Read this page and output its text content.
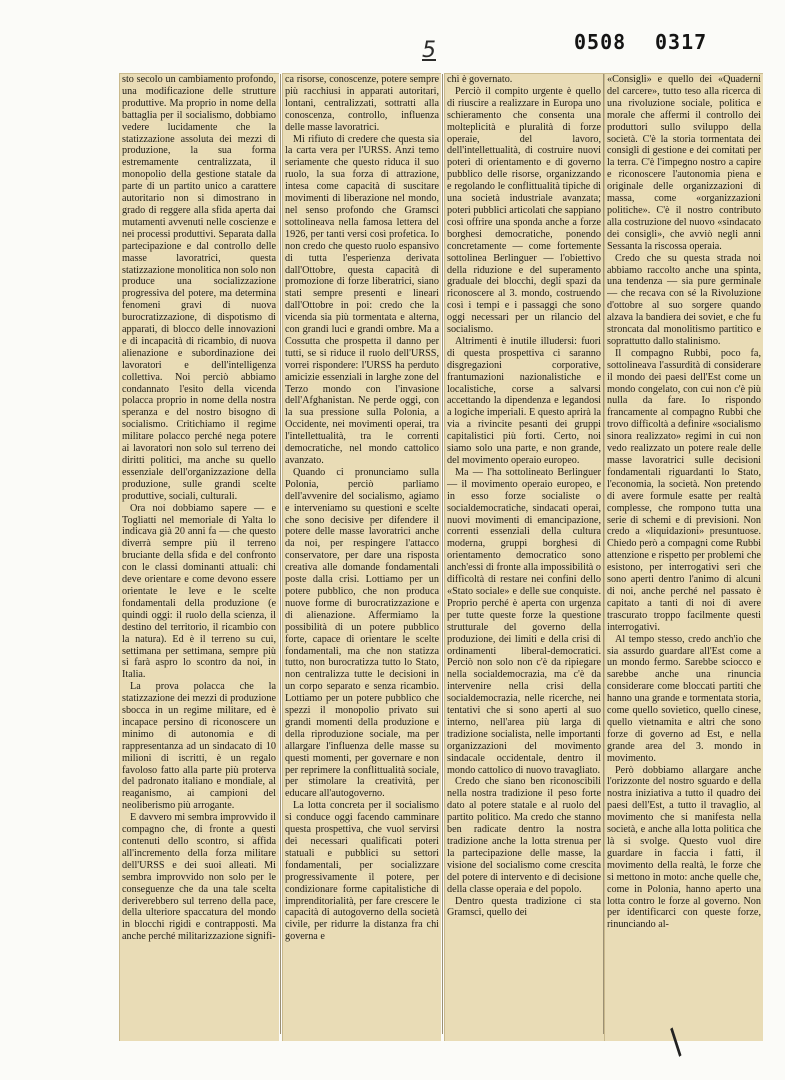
5	0508 0317

sto secolo un cambiamento profondo, una modificazione delle strutture produttive. Ma proprio in nome della battaglia per il socialismo, dobbiamo vedere lucidamente che la statizzazione assoluta dei mezzi di produzione, la sua forma estremamente centralizzata, il monopolio della gestione statale da parte di un partito unico a carattere autoritario non si dimostrano in grado di reggere alla sfida aperta dai mutamenti avvenuti nelle coscienze e nei processi produttivi. Separata dalla partecipazione e dal controllo delle masse lavoratrici, questa statizzazione monolitica non solo non produce una socializzazione progressiva del potere, ma determina fenomeni gravi di nuova burocratizzazione, di dispotismo di apparati, di blocco delle innovazioni e di incapacità di ricambio, di nuova alienazione e subordinazione dei lavoratori e dell'intelligenza collettiva. Noi perciò abbiamo condannato l'esito della vicenda polacca proprio in nome della nostra speranza e del nostro bisogno di socialismo. Critichiamo il regime militare polacco perché nega potere ai lavoratori non solo sul terreno dei diritti politici, ma anche su quello essenziale dell'organizzazione della produzione, sulle grandi scelte produttive, sociali, culturali.

Ora noi dobbiamo sapere — e Togliatti nel memoriale di Yalta lo indicava già 20 anni fa — che questo diverrà sempre più il terreno bruciante della sfida e del confronto con le classi dominanti attuali: chi deve orientare e come devono essere orientate le leve e le scelte fondamentali della produzione (e quindi oggi: il ruolo della scienza, il destino del territorio, il ricambio con la natura). Ed è il terreno su cui, settimana per settimana, sempre più si farà aspro lo scontro da noi, in Italia.

La prova polacca che la statizzazione dei mezzi di produzione sbocca in un regime militare, ed è incapace persino di riconoscere un minimo di autonomia e di rappresentanza ad un sindacato di 10 milioni di iscritti, è un regalo favoloso fatto alla parte più proterva del padronato italiano e mondiale, al reaganismo, ai campioni del neoliberismo più arrogante.

E davvero mi sembra improvvido il compagno che, di fronte a questi contenuti dello scontro, si affida all'incremento della forza militare dell'URSS e dei suoi alleati. Mi sembra improvvido non solo per le conseguenze che da una tale scelta deriverebbero sul terreno della pace, della ulteriore spaccatura del mondo in blocchi rigidi e contrapposti. Ma anche perché militarizzazione signifi-

ca risorse, conoscenze, potere sempre più racchiusi in apparati autoritari, lontani, centralizzati, sottratti alla conoscenza, controllo, influenza delle masse lavoratrici.

Mi rifiuto di credere che questa sia la carta vera per l'URSS. Anzi temo seriamente che questo riduca il suo ruolo, la sua forza di attrazione, intesa come capacità di suscitare movimenti di liberazione nel mondo, nel senso profondo che Gramsci sottolineava nella famosa lettera del 1926, per tanti versi così profetica. Io non credo che questo ruolo espansivo di tutta l'esperienza derivata dall'Ottobre, questa capacità di promozione di forze liberatrici, siano stati sempre presenti e lineari dall'Ottobre in poi: credo che la vicenda sia più tormentata e alterna, con grandi luci e grandi ombre. Ma a Cossutta che prospetta il danno per tutti, se si riduce il ruolo dell'URSS, vorrei rispondere: l'URSS ha perduto amicizie essenziali in larghe zone del Terzo mondo con l'invasione dell'Afghanistan. Ne perde oggi, con la sua pressione sulla Polonia, a Occidente, nei movimenti operai, tra l'intellettualità, tra le correnti democratiche, nel mondo cattolico avanzato.

Quando ci pronunciamo sulla Polonia, perciò parliamo dell'avvenire del socialismo, agiamo e interveniamo su questioni e scelte che sono decisive per difendere il potere delle masse lavoratrici anche da noi, per respingere l'attacco conservatore, per dare una risposta creativa alle domande fondamentali poste dalla crisi. Lottiamo per un potere pubblico, che non produca nuove forme di burocratizzazione e di alienazione. Affermiamo la possibilità di un potere pubblico forte, capace di orientare le scelte fondamentali, ma che non statizza tutto, non burocratizza tutto lo Stato, non centralizza tutte le decisioni in un corpo separato e senza ricambio. Lottiamo per un potere pubblico che spezzi il monopolio privato sui grandi momenti della produzione e della riproduzione sociale, ma per allargare l'influenza delle masse su questi momenti, per governare e non per reprimere la conflittualità sociale, per stimolare la creatività, per educare all'autogoverno.

La lotta concreta per il socialismo si conduce oggi facendo camminare questa prospettiva, che vuol servirsi dei necessari qualificati poteri statuali e pubblici su settori fondamentali, per socializzare progressivamente il potere, per condizionare forme capitalistiche di imprenditorialità, per fare crescere le capacità di autogoverno della società civile, per ridurre la distanza fra chi governa e

chi è governato.

Perciò il compito urgente è quello di riuscire a realizzare in Europa uno schieramento che consenta una molteplicità e pluralità di forze operaie, del lavoro, dell'intellettualità, di costruire nuovi poteri di orientamento e di governo pubblico delle risorse, organizzando e regolando le conflittualità tipiche di una società industriale avanzata; poteri pubblici articolati che sappiano così offrire una sponda anche a forze borghesi democratiche, ponendo concretamente — come fortemente sottolinea Berlinguer — l'obiettivo della riduzione e del superamento graduale dei blocchi, degli spazi da riconoscere al 3. mondo, costruendo così i tempi e i passaggi che sono oggi necessari per un rilancio del socialismo.

Altrimenti è inutile illudersi: fuori di questa prospettiva ci saranno disgregazioni corporative, frantumazioni nazionalistiche e localistiche, corse a salvarsi accettando la dipendenza e legandosi a logiche imperiali. E questo aprirà la via a rivincite pesanti dei gruppi capitalistici più forti. Certo, noi siamo solo una parte, e non grande, del movimento operaio europeo.

Ma — l'ha sottolineato Berlinguer — il movimento operaio europeo, e in esso forze socialiste o socialdemocratiche, sindacati operai, nuovi movimenti di emancipazione, correnti essenziali della cultura moderna, gruppi borghesi di orientamento democratico sono anch'essi di fronte alla impossibilità o difficoltà di restare nei confini dello «Stato sociale» e delle sue conquiste. Proprio perché è aperta con urgenza per tutte queste forze la questione strutturale del governo della produzione, dei limiti e della crisi di ordinamenti liberal-democratici. Perciò non solo non c'è da ripiegare nella socialdemocrazia, ma c'è da intervenire nella crisi della socialdemocrazia, nelle ricerche, nei tentativi che si sono aperti al suo interno, nell'area più larga di tradizione socialista, nelle importanti organizzazioni del movimento sindacale occidentale, dentro il mondo cattolico di nuovo travagliato.

Credo che siano ben riconoscibili nella nostra tradizione il peso forte dato al potere statale e al ruolo del partito politico. Ma credo che stanno ben radicate dentro la nostra tradizione anche la lotta strenua per la partecipazione delle masse, la visione del socialismo come crescita del potere di intervento e di decisione della classe operaia e del popolo.

Dentro questa tradizione ci sta Gramsci, quello dei

«Consigli» e quello dei «Quaderni del carcere», tutto teso alla ricerca di una rivoluzione sociale, politica e morale che affermi il controllo dei produttori sullo sviluppo della società. C'è la storia tormentata dei consigli di gestione e dei comitati per la terra. C'è l'impegno nostro a capire e riconoscere l'autonomia piena e originale delle organizzazioni di massa, come «organizzazioni politiche». C'è il nostro contributo alla costruzione del nuovo «sindacato dei consigli», che avviò negli anni Sessanta la riscossa operaia.

Credo che su questa strada noi abbiamo raccolto anche una spinta, una tendenza — sia pure germinale — che recava con sé la Rivoluzione d'ottobre al suo sorgere quando alzava la bandiera dei soviet, e che fu stroncata dal monolitismo partitico e soprattutto dallo stalinismo.

Il compagno Rubbi, poco fa, sottolineava l'assurdità di considerare il mondo dei paesi dell'Est come un mondo congelato, con cui non c'è più nulla da fare. Io rispondo francamente al compagno Rubbi che trovo difficoltà a definire «socialismo sinora realizzato» regimi in cui non vedo realizzato un potere reale delle masse lavoratrici sulle decisioni fondamentali riguardanti lo Stato, l'economia, la società. Non pretendo di avere formule esatte per realtà complesse, che rompono tutta una serie di schemi e di previsioni. Non credo a «liquidazioni» presuntuose. Chiedo però a compagni come Rubbi attenzione e rispetto per problemi che esistono, per interrogativi seri che sono aperti dentro l'animo di alcuni di noi, anche perché nel passato è capitato a tanti di noi di avere trascurato troppo facilmente questi interrogativi.

Al tempo stesso, credo anch'io che sia assurdo guardare all'Est come a un mondo fermo. Sarebbe sciocco e sarebbe anche una rinuncia considerare come bloccati partiti che hanno una grande e tormentata storia, come quello sovietico, quello cinese, quello vietnamita e altri che sono forze di governo ad Est, e nella grande area del 3. mondo in movimento.

Però dobbiamo allargare anche l'orizzonte del nostro sguardo e della nostra iniziativa a tutto il quadro dei paesi dell'Est, a tutto il travaglio, al movimento che si manifesta nella società, e anche alla lotta politica che là si svolge. Questo vuol dire guardare in faccia i fatti, il movimento della realtà, le forze che si mettono in moto: anche quelle che, come in Polonia, hanno aperto una lotta contro le forze al governo. Non per identificarci con queste forze, rinunciando al-

/
